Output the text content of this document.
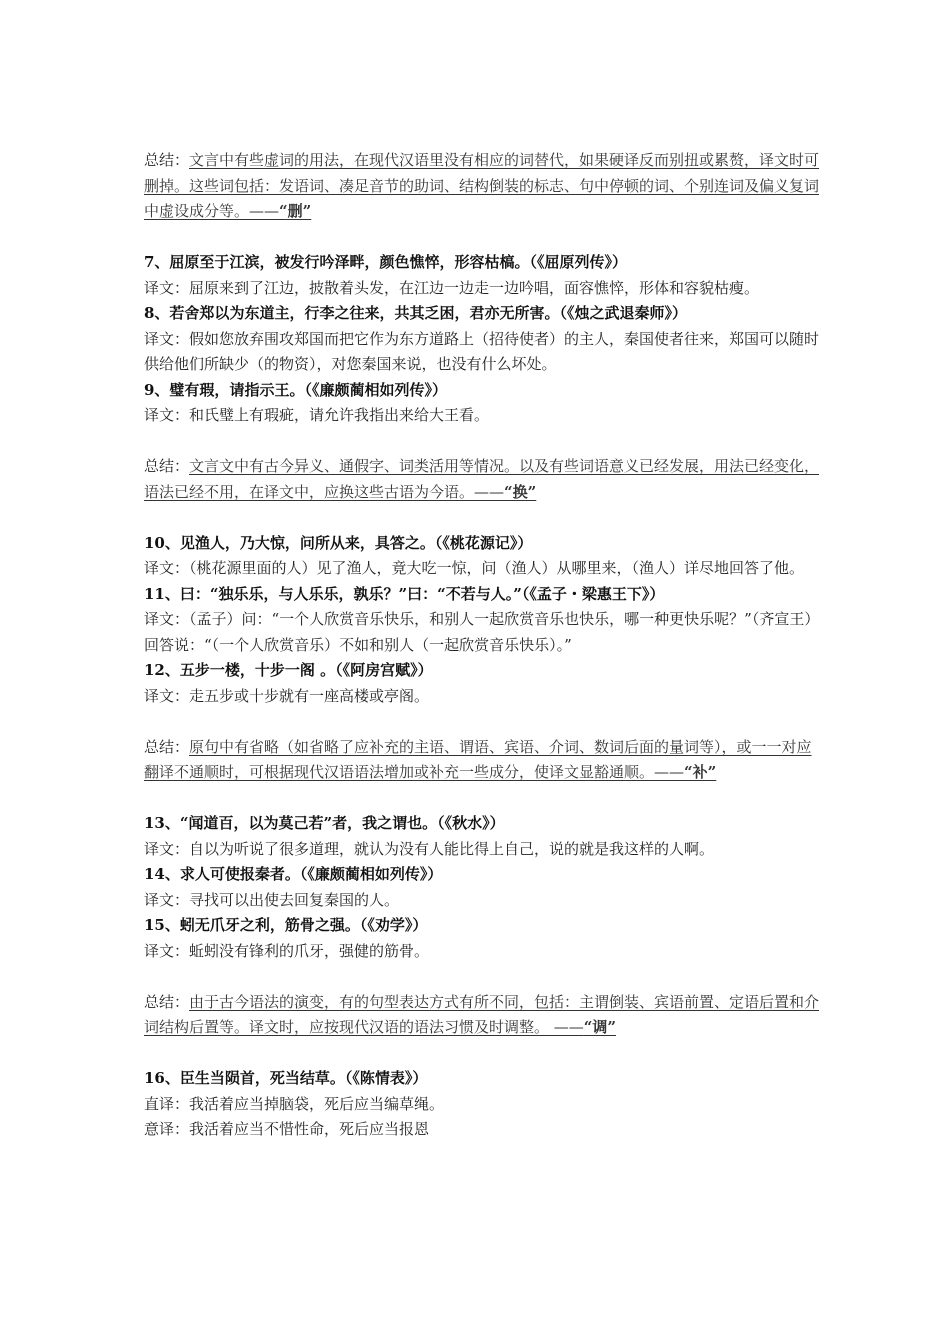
总结：文言中有些虚词的用法，在现代汉语里没有相应的词替代，如果硬译反而别扭或累赘，译文时可删掉。这些词包括：发语词、凑足音节的助词、结构倒装的标志、句中停顿的词、个别连词及偏义复词中虚设成分等。——“删”

7、屈原至于江滨，被发行吟泽畔，颜色憔悴，形容枯槁。（《屈原列传》）

译文：屈原来到了江边，披散着头发，在江边一边走一边吟唱，面容憔悴，形体和容貌枯瘦。

8、若舍郑以为东道主，行李之往来，共其乏困，君亦无所害。（《烛之武退秦师》）

译文：假如您放弃围攻郑国而把它作为东方道路上（招待使者）的主人，秦国使者往来，郑国可以随时供给他们所缺少（的物资），对您秦国来说，也没有什么坏处。

9、璧有瑕，请指示王。（《廉颇蔺相如列传》）

译文：和氏璧上有瑕疵，请允许我指出来给大王看。

总结：文言文中有古今异义、通假字、词类活用等情况。以及有些词语意义已经发展，用法已经变化，语法已经不用，在译文中，应换这些古语为今语。——“换”

10、见渔人，乃大惊，问所从来，具答之。（《桃花源记》）

译文：（桃花源里面的人）见了渔人，竟大吃一惊，问（渔人）从哪里来，（渔人）详尽地回答了他。

11、曰：“独乐乐，与人乐乐，孰乐？”曰：“不若与人。”（《孟子・梁惠王下》）

译文：（孟子）问：“一个人欣赏音乐快乐，和别人一起欣赏音乐也快乐，哪一种更快乐呢？”（齐宣王）回答说：“（一个人欣赏音乐）不如和别人（一起欣赏音乐快乐）。”

12、五步一楼，十步一阁 。（《阿房宫赋》）

译文：走五步或十步就有一座高楼或亭阁。

总结：原句中有省略（如省略了应补充的主语、谓语、宾语、介词、数词后面的量词等），或一一对应翻译不通顺时，可根据现代汉语语法增加或补充一些成分，使译文显豁通顺。——“补”

13、“闻道百，以为莫己若”者，我之谓也。（《秋水》）

译文：自以为听说了很多道理，就认为没有人能比得上自己，说的就是我这样的人啊。

14、求人可使报秦者。（《廉颇蔺相如列传》）

译文：寻找可以出使去回复秦国的人。

15、蚓无爪牙之利，筋骨之强。（《劝学》）

译文：蚯蚓没有锋利的爪牙，强健的筋骨。

总结：由于古今语法的演变，有的句型表达方式有所不同，包括：主谓倒装、宾语前置、定语后置和介词结构后置等。译文时，应按现代汉语的语法习惯及时调整。 ——“调”

16、臣生当陨首，死当结草。（《陈情表》）

直译：我活着应当掉脑袋，死后应当编草绳。

意译：我活着应当不惜性命，死后应当报恩
